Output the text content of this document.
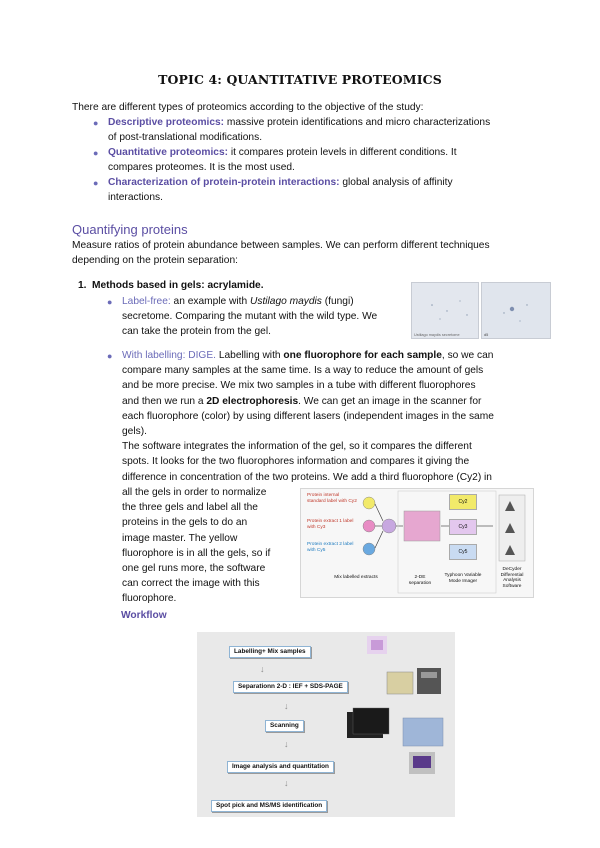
TOPIC 4: QUANTITATIVE PROTEOMICS
There are different types of proteomics according to the objective of the study:
● Descriptive proteomics: massive protein identifications and micro characterizations
of post-translational modifications.
● Quantitative proteomics: it compares protein levels in different conditions. It
compares proteomes. It is the most used.
● Characterization of protein-protein interactions: global analysis of affinity
interactions.
Quantifying proteins
Measure ratios of protein abundance between samples. We can perform different techniques
depending on the protein separation:
1. Methods based in gels: acrylamide.
● Label-free: an example with Ustilago maydis (fungi)
secretome. Comparing the mutant with the wild type. We
can take the protein from the gel.	Ustilago maydis secretome	d5
● With labelling: DIGE. Labelling with one fluorophore for each sample, so we can
compare many samples at the same time. Is a way to reduce the amount of gels
and be more precise. We mix two samples in a tube with different fluorophores
and then we run a 2D electrophoresis. We can get an image in the scanner for
each fluorophore (color) by using different lasers (independent images in the same
gels).
The software integrates the information of the gel, so it compares the different
spots. It looks for the two fluorophores information and compares it giving the
difference in concentration of the two proteins. We add a third fluorophore (Cy2) in
all the gels in order to normalize
the three gels and label all the
proteins in the gels to do an
image master. The yellow
fluorophore is in all the gels, so if
one gel runs more, the software
can correct the image with this
fluorophore.
Protein internal standard label with Cy2
Protein extract 1 label with Cy3
Protein extract 2 label with Cy5
Cy2
Cy3
Cy5
Mix labelled extracts	2-DE separation
Typhoon Variable Mode Imager
DeCyder Differential Analysis Software
Workflow
Labelling+ Mix samples
↓
Separationn 2-D : IEF + SDS-PAGE
↓
Scanning
↓
Image analysis and quantitation
↓
Spot pick and MS/MS identification
